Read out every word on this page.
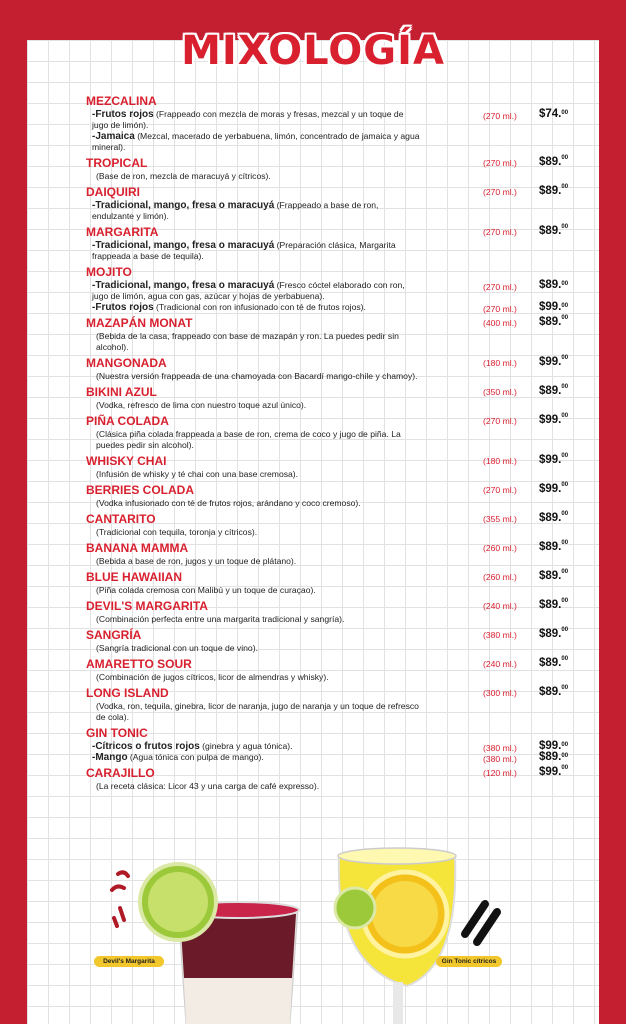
MIXOLOGÍA
MEZCALINA
-Frutos rojos (Frappeado con mezcla de moras y fresas, mezcal y un toque de jugo de limón).
(270 ml.) $74.00
-Jamaica (Mezcal, macerado de yerbabuena, limón, concentrado de jamaica y agua mineral).
TROPICAL	(270 ml.) $89.00
(Base de ron, mezcla de maracuyá y cítricos).
DAIQUIRI	(270 ml.) $89.00
-Tradicional, mango, fresa o maracuyá (Frappeado a base de ron, endulzante y limón).
MARGARITA	(270 ml.) $89.00
-Tradicional, mango, fresa o maracuyá (Preparación clásica, Margarita frappeada a base de tequila).
MOJITO
-Tradicional, mango, fresa o maracuyá (Fresco cóctel elaborado con ron, jugo de limón, agua con gas, azúcar y hojas de yerbabuena).
(270 ml.) $89.00
-Frutos rojos (Tradicional con ron infusionado con té de frutos rojos).	(270 ml.) $99.00
MAZAPÁN MONAT	(400 ml.) $89.00
(Bebida de la casa, frappeado con base de mazapán y ron. La puedes pedir sin alcohol).
MANGONADA	(180 ml.) $99.00
(Nuestra versión frappeada de una chamoyada con Bacardí mango-chile y chamoy).
BIKINI AZUL	(350 ml.) $89.00
(Vodka, refresco de lima con nuestro toque azul único).
PIÑA COLADA	(270 ml.) $99.00
(Clásica piña colada frappeada a base de ron, crema de coco y jugo de piña. La puedes pedir sin alcohol).
WHISKY CHAI	(180 ml.) $99.00
(Infusión de whisky y té chai con una base cremosa).
BERRIES COLADA	(270 ml.) $99.00
(Vodka infusionado con té de frutos rojos, arándano y coco cremoso).
CANTARITO	(355 ml.) $89.00
(Tradicional con tequila, toronja y cítricos).
BANANA MAMMA	(260 ml.) $89.00
(Bebida a base de ron, jugos y un toque de plátano).
BLUE HAWAIIAN	(260 ml.) $89.00
(Piña colada cremosa con Malibú y un toque de curaçao).
DEVIL'S MARGARITA	(240 ml.) $89.00
(Combinación perfecta entre una margarita tradicional y sangría).
SANGRÍA	(380 ml.) $89.00
(Sangría tradicional con un toque de vino).
AMARETTO SOUR	(240 ml.) $89.00
(Combinación de jugos cítricos, licor de almendras y whisky).
LONG ISLAND	(300 ml.) $89.00
(Vodka, ron, tequila, ginebra, licor de naranja, jugo de naranja y un toque de refresco de cola).
GIN TONIC
-Cítricos o frutos rojos (ginebra y agua tónica).	(380 ml.) $99.00
-Mango (Agua tónica con pulpa de mango).	(380 ml.) $89.00
CARAJILLO	(120 ml.) $99.00
(La receta clásica: Licor 43 y una carga de café expresso).
Devil's Margarita	Gin Tonic cítricos
